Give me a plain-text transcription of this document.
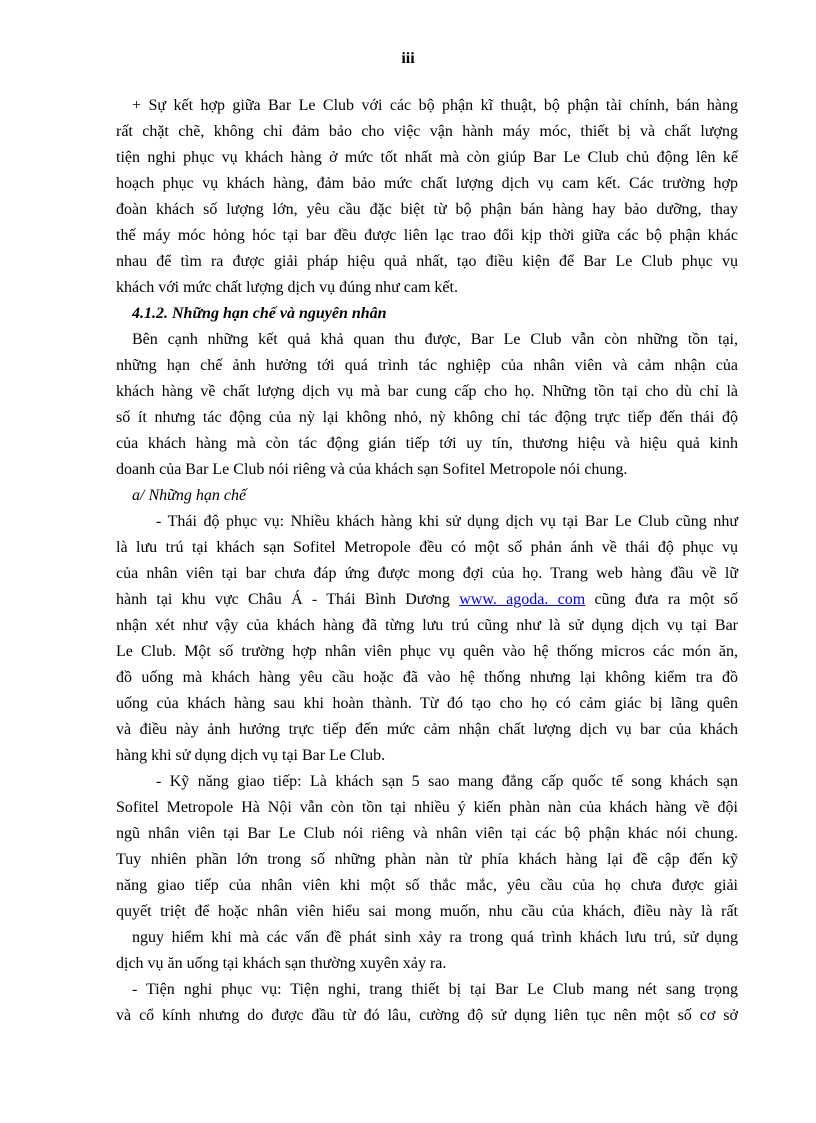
iii
+ Sự kết hợp giữa Bar Le Club với các bộ phận kĩ thuật, bộ phận tài chính, bán hàng
rất chặt chẽ, không chỉ đảm bảo cho việc vận hành máy móc, thiết bị và chất lượng
tiện nghi phục vụ khách hàng ở mức tốt nhất mà còn giúp Bar Le Club chủ động lên kế
hoạch phục vụ khách hàng, đảm bảo mức chất lượng dịch vụ cam kết. Các trường hợp
đoàn khách số lượng lớn, yêu cầu đặc biệt từ bộ phận bán hàng hay bảo dưỡng, thay
thế máy móc hỏng hóc tại bar đều được liên lạc trao đổi kịp thời giữa các bộ phận khác
nhau để tìm ra được giải pháp hiệu quả nhất, tạo điều kiện để Bar Le Club phục vụ
khách với mức chất lượng dịch vụ đúng như cam kết.
4.1.2. Những hạn chế và nguyên nhân
Bên cạnh những kết quả khả quan thu được, Bar Le Club vẫn còn những tồn tại,
những hạn chế ảnh hưởng tới quá trình tác nghiệp của nhân viên và cảm nhận của
khách hàng về chất lượng dịch vụ mà bar cung cấp cho họ. Những tồn tại cho dù chỉ là
số ít nhưng tác động của nỳ lại không nhỏ, nỳ không chỉ tác động trực tiếp đến thái độ
của khách hàng mà còn tác động gián tiếp tới uy tín, thương hiệu và hiệu quả kinh
doanh của Bar Le Club nói riêng và của khách sạn Sofitel Metropole nói chung.
a/ Những hạn chế
- Thái độ phục vụ: Nhiều khách hàng khi sử dụng dịch vụ tại Bar Le Club cũng như
là lưu trú tại khách sạn Sofitel Metropole đều có một số phản ánh về thái độ phục vụ
của nhân viên tại bar chưa đáp ứng được mong đợi của họ. Trang web hàng đầu về lữ
hành tại khu vực Châu Á - Thái Bình Dương www. agoda. com cũng đưa ra một số
nhận xét như vậy của khách hàng đã từng lưu trú cũng như là sử dụng dịch vụ tại Bar
Le Club. Một số trường hợp nhân viên phục vụ quên vào hệ thống micros các món ăn,
đồ uống mà khách hàng yêu cầu hoặc đã vào hệ thống nhưng lại không kiểm tra đồ
uống của khách hàng sau khi hoàn thành. Từ đó tạo cho họ có cảm giác bị lãng quên
và điều này ảnh hưởng trực tiếp đến mức cảm nhận chất lượng dịch vụ bar của khách
hàng khi sử dụng dịch vụ tại Bar Le Club.
- Kỹ năng giao tiếp: Là khách sạn 5 sao mang đẳng cấp quốc tế song khách sạn
Sofitel Metropole Hà Nội vẫn còn tồn tại nhiều ý kiến phàn nàn của khách hàng về đội
ngũ nhân viên tại Bar Le Club nói riêng và nhân viên tại các bộ phận khác nói chung.
Tuy nhiên phần lớn trong số những phàn nàn từ phía khách hàng lại đề cập đến kỹ
năng giao tiếp của nhân viên khi một số thắc mắc, yêu cầu của họ chưa được giải
quyết triệt để hoặc nhân viên hiểu sai mong muốn, nhu cầu của khách, điều này là rất
nguy hiểm khi mà các vấn đề phát sinh xảy ra trong quá trình khách lưu trú, sử dụng
dịch vụ ăn uống tại khách sạn thường xuyên xảy ra.
- Tiện nghi phục vụ: Tiện nghi, trang thiết bị tại Bar Le Club mang nét sang trọng
và cổ kính nhưng do được đầu từ đó lâu, cường độ sử dụng liên tục nên một số cơ sở
